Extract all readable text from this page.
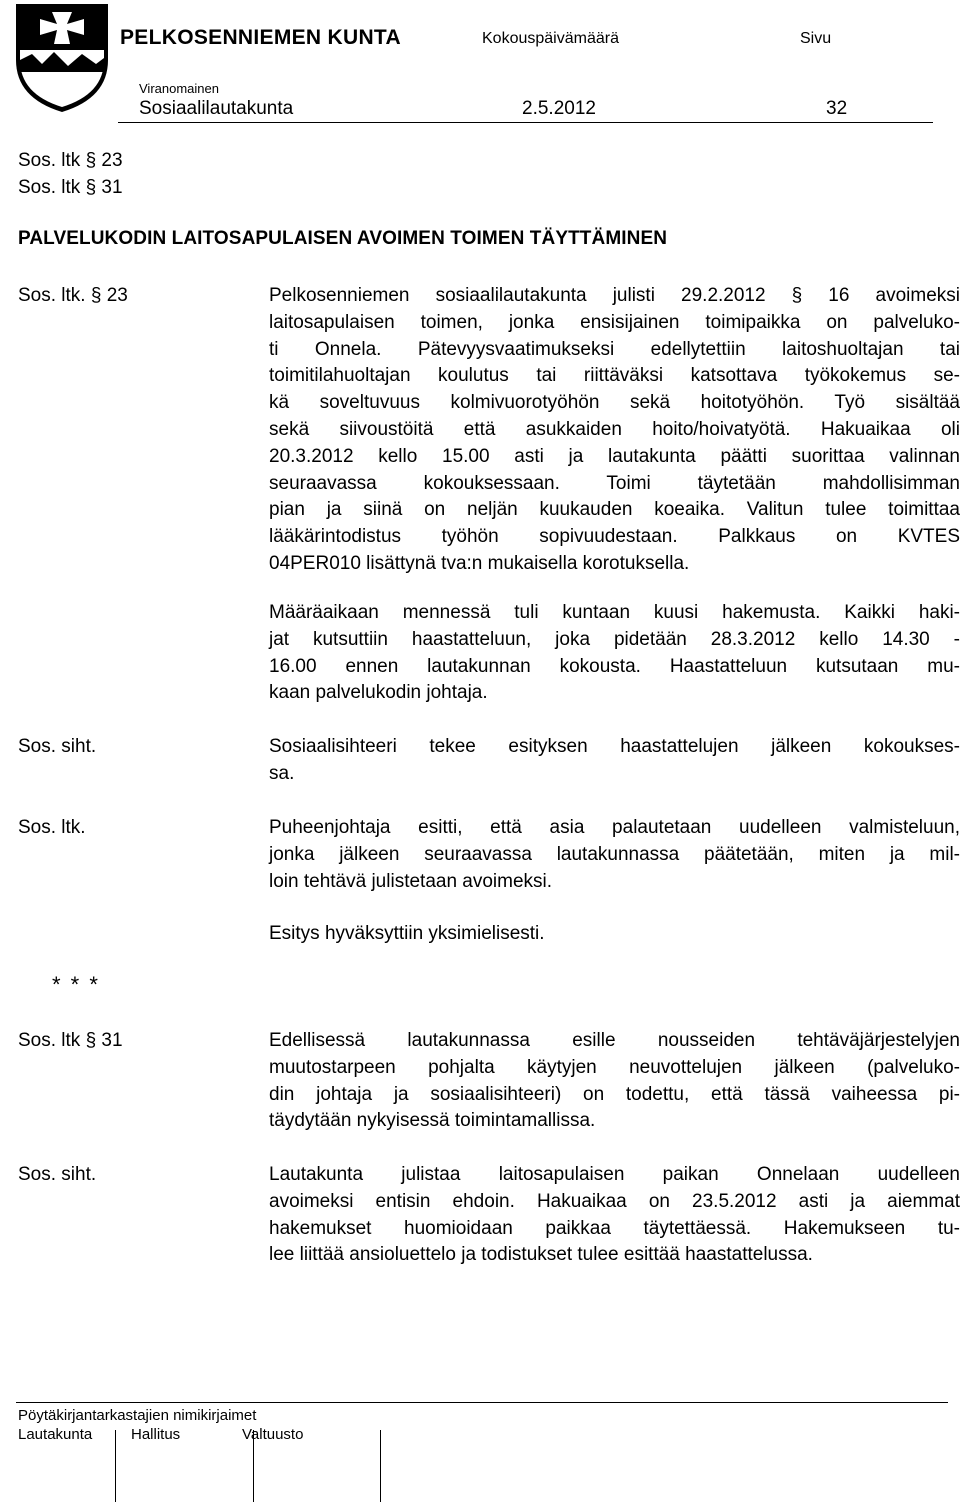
PELKOSENNIEMEN KUNTA	Kokouspäivämäärä	Sivu
Viranomainen
Sosiaalilautakunta	2.5.2012	32
Sos. ltk § 23
Sos. ltk § 31
PALVELUKODIN LAITOSAPULAISEN AVOIMEN TOIMEN TÄYTTÄMINEN
Sos. ltk. § 23	Pelkosenniemen sosiaalilautakunta julisti 29.2.2012 § 16 avoimeksi
laitosapulaisen toimen, jonka ensisijainen toimipaikka on palveluko-
ti Onnela. Pätevyysvaatimukseksi edellytettiin laitoshuoltajan tai
toimitilahuoltajan koulutus tai riittäväksi katsottava työkokemus se-
kä soveltuvuus kolmivuorotyöhön sekä hoitotyöhön. Työ sisältää
sekä siivoustöitä että asukkaiden hoito/hoivatyötä. Hakuaikaa oli
20.3.2012 kello 15.00 asti ja lautakunta päätti suorittaa valinnan
seuraavassa kokouksessaan. Toimi täytetään mahdollisimman
pian ja siinä on neljän kuukauden koeaika. Valitun tulee toimittaa
lääkärintodistus työhön sopivuudestaan. Palkkaus on KVTES
04PER010 lisättynä tva:n mukaisella korotuksella.
Määräaikaan mennessä tuli kuntaan kuusi hakemusta. Kaikki haki-
jat kutsuttiin haastatteluun, joka pidetään 28.3.2012 kello 14.30 -
16.00 ennen lautakunnan kokousta. Haastatteluun kutsutaan mu-
kaan palvelukodin johtaja.
Sos. siht.	Sosiaalisihteeri tekee esityksen haastattelujen jälkeen kokoukses-
sa.
Sos. ltk.	Puheenjohtaja esitti, että asia palautetaan uudelleen valmisteluun,
jonka jälkeen seuraavassa lautakunnassa päätetään, miten ja mil-
loin tehtävä julistetaan avoimeksi.
Esitys hyväksyttiin yksimielisesti.
* * *
Sos. ltk § 31	Edellisessä lautakunnassa esille nousseiden tehtäväjärjestelyjen
muutostarpeen pohjalta käytyjen neuvottelujen jälkeen (palveluko-
din johtaja ja sosiaalisihteeri) on todettu, että tässä vaiheessa pi-
täydytään nykyisessä toimintamallissa.
Sos. siht.	Lautakunta julistaa laitosapulaisen paikan Onnelaan uudelleen
avoimeksi entisin ehdoin. Hakuaikaa on 23.5.2012 asti ja aiemmat
hakemukset huomioidaan paikkaa täytettäessä. Hakemukseen tu-
lee liittää ansioluettelo ja todistukset tulee esittää haastattelussa.
Pöytäkirjantarkastajien nimikirjaimet
Lautakunta	Hallitus	Valtuusto
